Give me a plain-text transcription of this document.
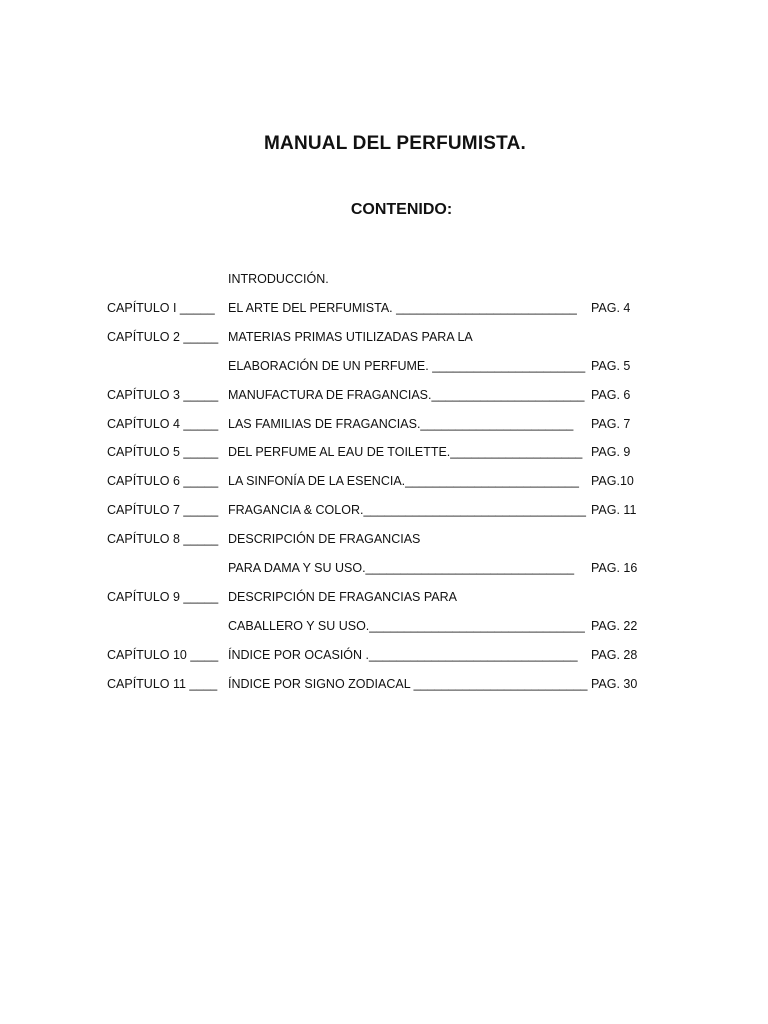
MANUAL DEL PERFUMISTA.
CONTENIDO:
INTRODUCCIÓN.
CAPÍTULO I _____	EL ARTE DEL PERFUMISTA. __________________________	PAG. 4
CAPÍTULO 2 _____ MATERIAS PRIMAS UTILIZADAS PARA LA
ELABORACIÓN DE UN PERFUME. ______________________ PAG. 5
CAPÍTULO 3 _____ MANUFACTURA DE FRAGANCIAS.______________________ PAG. 6
CAPÍTULO 4 _____ LAS FAMILIAS DE FRAGANCIAS.______________________	PAG. 7
CAPÍTULO 5 _____ DEL PERFUME AL EAU DE TOILETTE.___________________ PAG. 9
CAPÍTULO 6 _____ LA SINFONÍA DE LA ESENCIA._________________________ PAG.10
CAPÍTULO 7 _____ FRAGANCIA & COLOR.________________________________ PAG. 11
CAPÍTULO 8 _____ DESCRIPCIÓN DE FRAGANCIAS
PARA DAMA Y SU USO.______________________________	PAG. 16
CAPÍTULO 9 _____ DESCRIPCIÓN DE FRAGANCIAS PARA
CABALLERO Y SU USO._______________________________ PAG. 22
CAPÍTULO 10 ____ ÍNDICE POR OCASIÓN .______________________________	PAG. 28
CAPÍTULO 11 ____ ÍNDICE POR SIGNO ZODIACAL _________________________ PAG. 30
